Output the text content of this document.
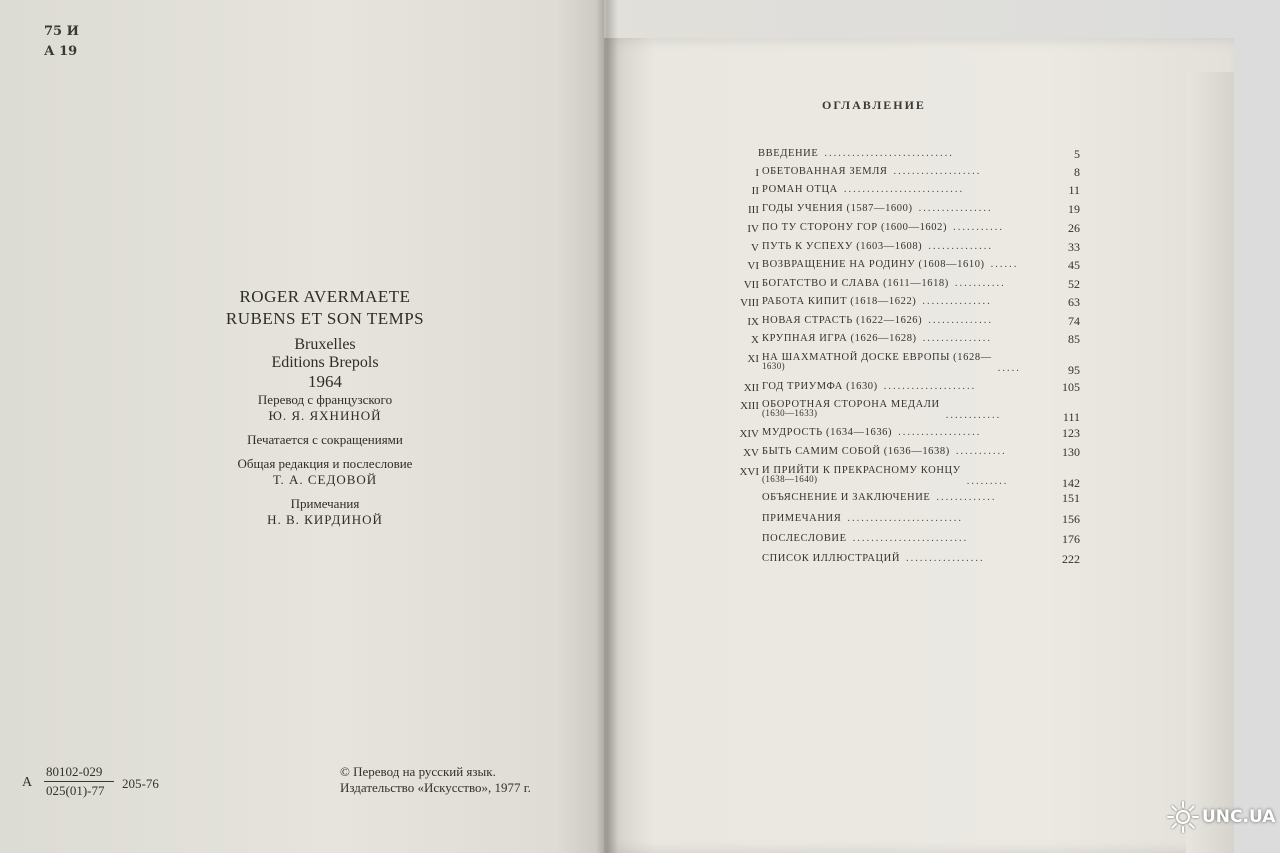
75 И
А 19
ROGER AVERMAETE
RUBENS ET SON TEMPS
Bruxelles
Editions Brepols
1964
Перевод с французского
Ю. Я. ЯХНИНОЙ
Печатается с сокращениями
Общая редакция и послесловие
Т. А. СЕДОВОЙ
Примечания
Н. В. КИРДИНОЙ
А
80102-029
025(01)-77 205-76
© Перевод на русский язык.
Издательство «Искусство», 1977 г.
ОГЛАВЛЕНИЕ
ВВЕДЕНИЕ ............................	5
I ОБЕТОВАННАЯ ЗЕМЛЯ ...................	8
II РОМАН ОТЦА ..........................	11
III ГОДЫ УЧЕНИЯ (1587—1600) ................	19
IV ПО ТУ СТОРОНУ ГОР (1600—1602) ...........	26
V ПУТЬ К УСПЕХУ (1603—1608) ..............	33
VI ВОЗВРАЩЕНИЕ НА РОДИНУ (1608—1610) ......	45
VII БОГАТСТВО И СЛАВА (1611—1618) ...........	52
VIII РАБОТА КИПИТ (1618—1622) ...............	63
IX НОВАЯ СТРАСТЬ (1622—1626) ..............	74
X КРУПНАЯ ИГРА (1626—1628) ...............	85
XI НА ШАХМАТНОЙ ДОСКЕ ЕВРОПЫ (1628—
1630)	.....	95
XII ГОД ТРИУМФА (1630) ....................	105
XIII ОБОРОТНАЯ СТОРОНА МЕДАЛИ
(1630—1633)	............	111
XIV МУДРОСТЬ (1634—1636) ..................	123
XV БЫТЬ САМИМ СОБОЙ (1636—1638) ...........	130
XVI И ПРИЙТИ К ПРЕКРАСНОМУ КОНЦУ
(1638—1640)	.........	142
ОБЪЯСНЕНИЕ И ЗАКЛЮЧЕНИЕ .............	151
ПРИМЕЧАНИЯ .........................	156
ПОСЛЕСЛОВИЕ .........................	176
СПИСОК ИЛЛЮСТРАЦИЙ .................	222
UNC.UA
